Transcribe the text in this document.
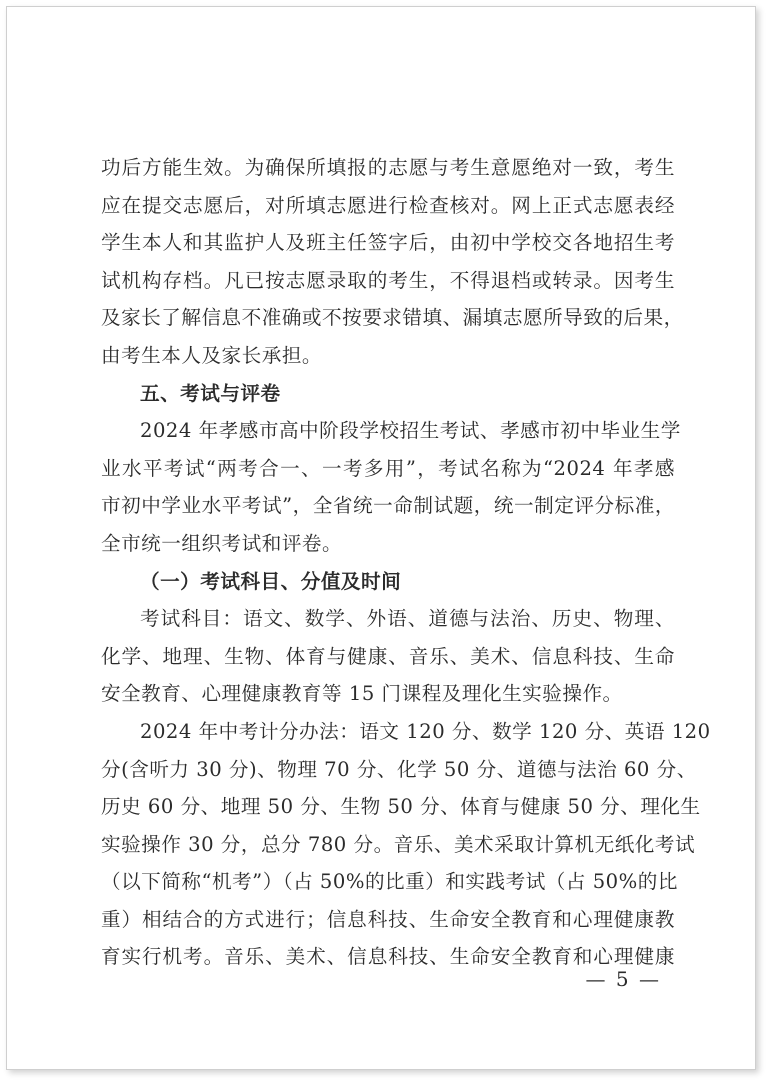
功后方能生效。为确保所填报的志愿与考生意愿绝对一致，考生
应在提交志愿后，对所填志愿进行检查核对。网上正式志愿表经
学生本人和其监护人及班主任签字后，由初中学校交各地招生考
试机构存档。凡已按志愿录取的考生，不得退档或转录。因考生
及家长了解信息不准确或不按要求错填、漏填志愿所导致的后果，
由考生本人及家长承担。
五、考试与评卷
2024 年孝感市高中阶段学校招生考试、孝感市初中毕业生学
业水平考试“两考合一、一考多用”，考试名称为“2024 年孝感
市初中学业水平考试”，全省统一命制试题，统一制定评分标准，
全市统一组织考试和评卷。
（一）考试科目、分值及时间
考试科目：语文、数学、外语、道德与法治、历史、物理、
化学、地理、生物、体育与健康、音乐、美术、信息科技、生命
安全教育、心理健康教育等 15 门课程及理化生实验操作。
2024 年中考计分办法：语文 120 分、数学 120 分、英语 120
分(含听力 30 分)、物理 70 分、化学 50 分、道德与法治 60 分、
历史 60 分、地理 50 分、生物 50 分、体育与健康 50 分、理化生
实验操作 30 分，总分 780 分。音乐、美术采取计算机无纸化考试
（以下简称“机考”）（占 50%的比重）和实践考试（占 50%的比
重）相结合的方式进行；信息科技、生命安全教育和心理健康教
育实行机考。音乐、美术、信息科技、生命安全教育和心理健康
— 5 —
